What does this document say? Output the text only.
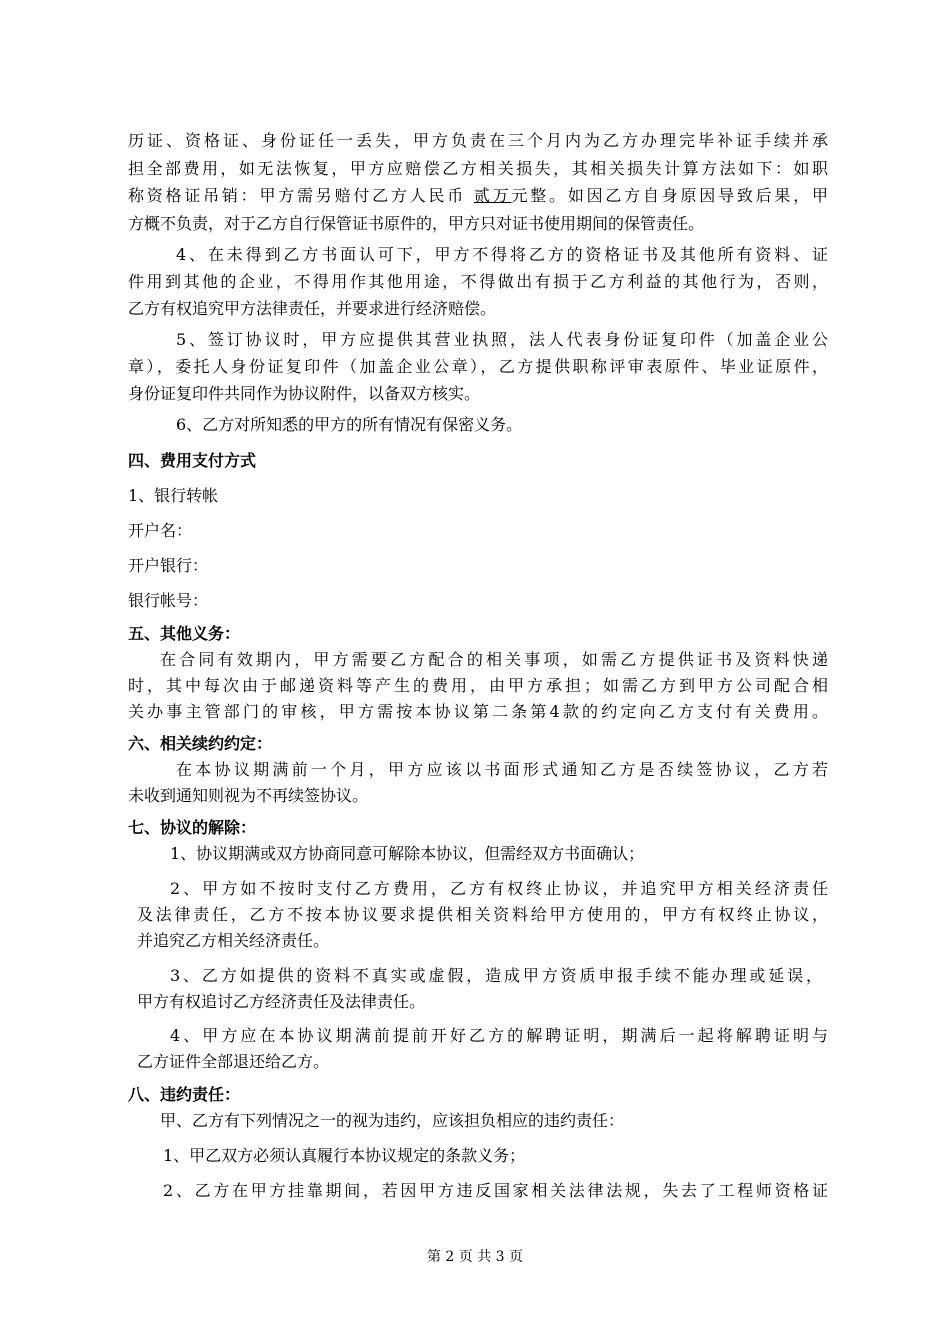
历证、资格证、身份证任一丢失，甲方负责在三个月内为乙方办理完毕补证手续并承
担全部费用，如无法恢复，甲方应赔偿乙方相关损失，其相关损失计算方法如下：如职
称资格证吊销：甲方需另赔付乙方人民币 贰万元整。如因乙方自身原因导致后果，甲
方概不负责，对于乙方自行保管证书原件的，甲方只对证书使用期间的保管责任。
4、在未得到乙方书面认可下，甲方不得将乙方的资格证书及其他所有资料、证
件用到其他的企业，不得用作其他用途，不得做出有损于乙方利益的其他行为，否则，
乙方有权追究甲方法律责任，并要求进行经济赔偿。
5、签订协议时，甲方应提供其营业执照，法人代表身份证复印件（加盖企业公
章），委托人身份证复印件（加盖企业公章），乙方提供职称评审表原件、毕业证原件，
身份证复印件共同作为协议附件，以备双方核实。
6、乙方对所知悉的甲方的所有情况有保密义务。
四、费用支付方式
1、银行转帐
开户名：
开户银行：
银行帐号：
五、其他义务：
在合同有效期内，甲方需要乙方配合的相关事项，如需乙方提供证书及资料快递
时，其中每次由于邮递资料等产生的费用，由甲方承担；如需乙方到甲方公司配合相
关办事主管部门的审核，甲方需按本协议第二条第4款的约定向乙方支付有关费用。
六、相关续约约定：
在本协议期满前一个月，甲方应该以书面形式通知乙方是否续签协议，乙方若
未收到通知则视为不再续签协议。
七、协议的解除：
1、协议期满或双方协商同意可解除本协议，但需经双方书面确认；
2、甲方如不按时支付乙方费用，乙方有权终止协议，并追究甲方相关经济责任
及法律责任，乙方不按本协议要求提供相关资料给甲方使用的，甲方有权终止协议，
并追究乙方相关经济责任。
3、乙方如提供的资料不真实或虚假，造成甲方资质申报手续不能办理或延误，
甲方有权追讨乙方经济责任及法律责任。
4、甲方应在本协议期满前提前开好乙方的解聘证明，期满后一起将解聘证明与
乙方证件全部退还给乙方。
八、违约责任：
甲、乙方有下列情况之一的视为违约，应该担负相应的违约责任：
1、甲乙双方必须认真履行本协议规定的条款义务；
2、乙方在甲方挂靠期间，若因甲方违反国家相关法律法规，失去了工程师资格证
第 2 页 共 3 页
